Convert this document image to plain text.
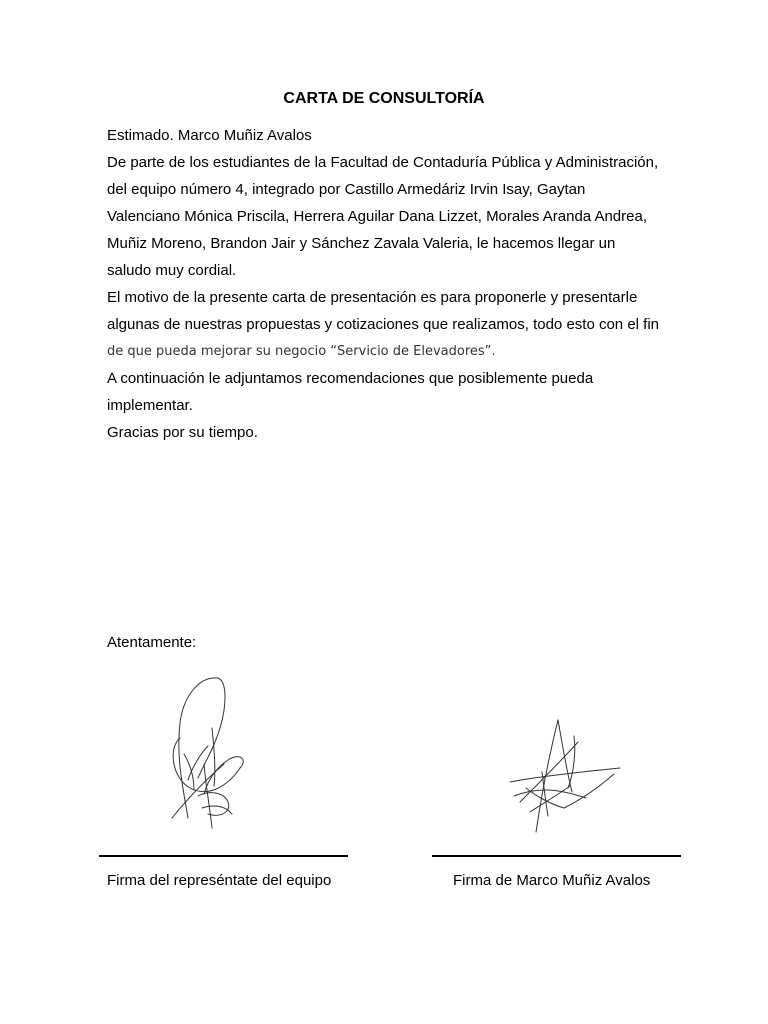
CARTA DE CONSULTORÍA

Estimado. Marco Muñiz Avalos

De parte de los estudiantes de la Facultad de Contaduría Pública y Administración,
del equipo número 4, integrado por Castillo Armedáriz Irvin Isay, Gaytan
Valenciano Mónica Priscila, Herrera Aguilar Dana Lizzet, Morales Aranda Andrea,
Muñiz Moreno, Brandon Jair y Sánchez Zavala Valeria, le hacemos llegar un
saludo muy cordial.

El motivo de la presente carta de presentación es para proponerle y presentarle
algunas de nuestras propuestas y cotizaciones que realizamos, todo esto con el fin
de que pueda mejorar su negocio “Servicio de Elevadores”.

A continuación le adjuntamos recomendaciones que posiblemente pueda
implementar.

Gracias por su tiempo.

Atentamente:
Firma del represéntate del equipo	Firma de Marco Muñiz Avalos
